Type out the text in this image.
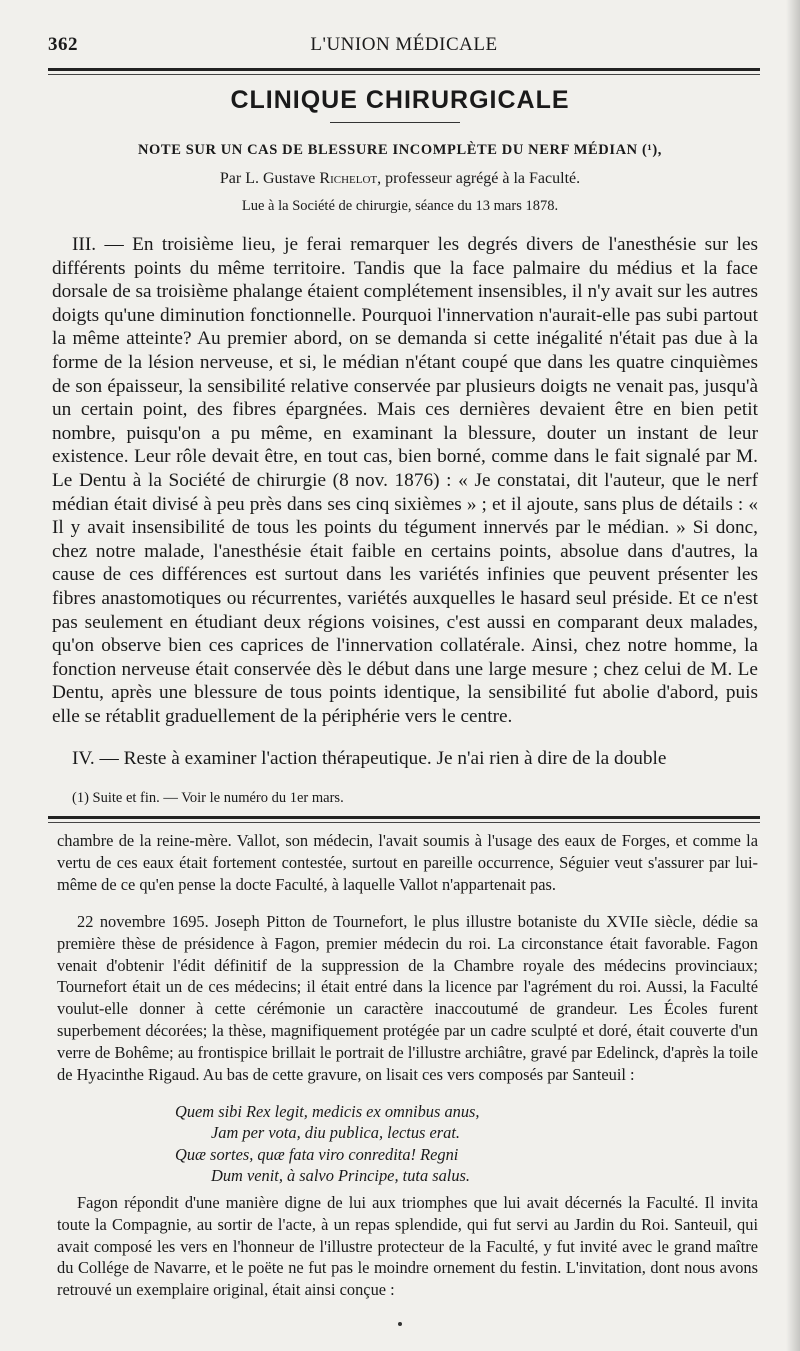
362	L'UNION MÉDICALE
CLINIQUE CHIRURGICALE
NOTE SUR UN CAS DE BLESSURE INCOMPLÈTE DU NERF MÉDIAN (¹),
Par L. Gustave Richelot, professeur agrégé à la Faculté.
Lue à la Société de chirurgie, séance du 13 mars 1878.

III. — En troisième lieu, je ferai remarquer les degrés divers de l'anesthésie sur les différents points du même territoire. Tandis que la face palmaire du médius et la face dorsale de sa troisième phalange étaient complétement insensibles, il n'y avait sur les autres doigts qu'une diminution fonctionnelle. Pourquoi l'innervation n'aurait-elle pas subi partout la même atteinte? Au premier abord, on se demanda si cette inégalité n'était pas due à la forme de la lésion nerveuse, et si, le médian n'étant coupé que dans les quatre cinquièmes de son épaisseur, la sensibilité relative conservée par plusieurs doigts ne venait pas, jusqu'à un certain point, des fibres épargnées. Mais ces dernières devaient être en bien petit nombre, puisqu'on a pu même, en examinant la blessure, douter un instant de leur existence. Leur rôle devait être, en tout cas, bien borné, comme dans le fait signalé par M. Le Dentu à la Société de chirurgie (8 nov. 1876) : « Je constatai, dit l'auteur, que le nerf médian était divisé à peu près dans ses cinq sixièmes » ; et il ajoute, sans plus de détails : « Il y avait insensibilité de tous les points du tégument innervés par le médian. » Si donc, chez notre malade, l'anesthésie était faible en certains points, absolue dans d'autres, la cause de ces différences est surtout dans les variétés infinies que peuvent présenter les fibres anastomotiques ou récurrentes, variétés auxquelles le hasard seul préside. Et ce n'est pas seulement en étudiant deux régions voisines, c'est aussi en comparant deux malades, qu'on observe bien ces caprices de l'innervation collatérale. Ainsi, chez notre homme, la fonction nerveuse était conservée dès le début dans une large mesure ; chez celui de M. Le Dentu, après une blessure de tous points identique, la sensibilité fut abolie d'abord, puis elle se rétablit graduellement de la périphérie vers le centre.

IV. — Reste à examiner l'action thérapeutique. Je n'ai rien à dire de la double

(1) Suite et fin. — Voir le numéro du 1er mars.

chambre de la reine-mère. Vallot, son médecin, l'avait soumis à l'usage des eaux de Forges, et comme la vertu de ces eaux était fortement contestée, surtout en pareille occurrence, Séguier veut s'assurer par lui-même de ce qu'en pense la docte Faculté, à laquelle Vallot n'appartenait pas.

22 novembre 1695. Joseph Pitton de Tournefort, le plus illustre botaniste du XVIIe siècle, dédie sa première thèse de présidence à Fagon, premier médecin du roi. La circonstance était favorable. Fagon venait d'obtenir l'édit définitif de la suppression de la Chambre royale des médecins provinciaux; Tournefort était un de ces médecins; il était entré dans la licence par l'agrément du roi. Aussi, la Faculté voulut-elle donner à cette cérémonie un caractère inaccoutumé de grandeur. Les Écoles furent superbement décorées; la thèse, magnifiquement protégée par un cadre sculpté et doré, était couverte d'un verre de Bohême; au frontispice brillait le portrait de l'illustre archiâtre, gravé par Edelinck, d'après la toile de Hyacinthe Rigaud. Au bas de cette gravure, on lisait ces vers composés par Santeuil :

Quem sibi Rex legit, medicis ex omnibus anus,
Jam per vota, diu publica, lectus erat.
Quæ sortes, quæ fata viro conredita! Regni
Dum venit, à salvo Principe, tuta salus.

Fagon répondit d'une manière digne de lui aux triomphes que lui avait décernés la Faculté. Il invita toute la Compagnie, au sortir de l'acte, à un repas splendide, qui fut servi au Jardin du Roi. Santeuil, qui avait composé les vers en l'honneur de l'illustre protecteur de la Faculté, y fut invité avec le grand maître du Collége de Navarre, et le poëte ne fut pas le moindre ornement du festin. L'invitation, dont nous avons retrouvé un exemplaire original, était ainsi conçue :
